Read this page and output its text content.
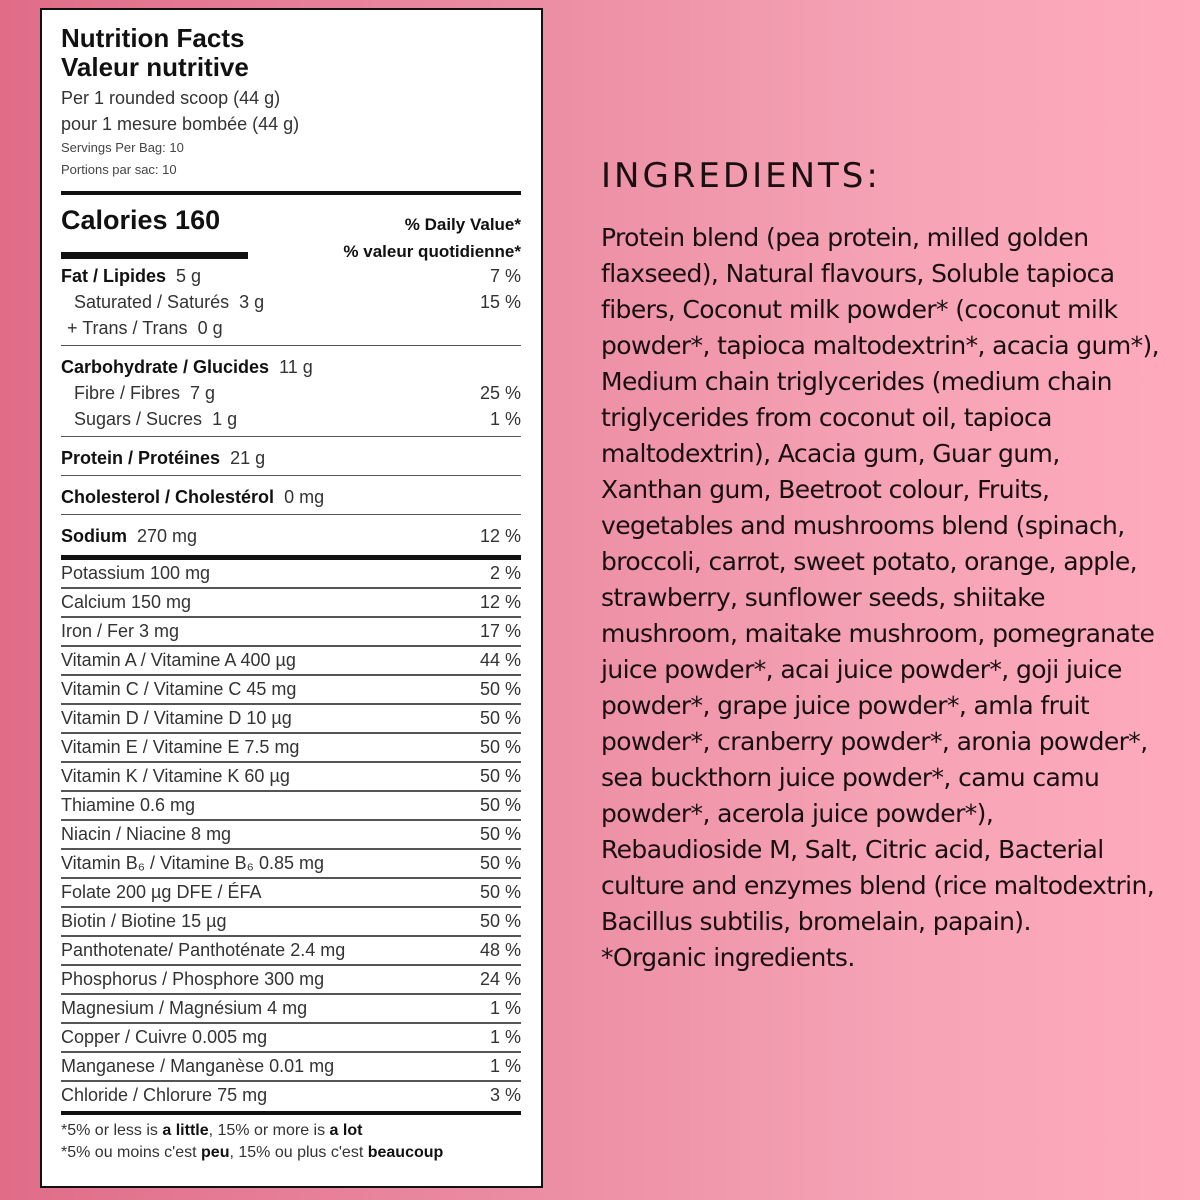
Nutrition Facts
Valeur nutritive
Per 1 rounded scoop (44 g)
pour 1 mesure bombée (44 g)
Servings Per Bag: 10
Portions par sac: 10
Calories 160	% Daily Value*
% valeur quotidienne*
Fat / Lipides 5 g	7 %
Saturated / Saturés 3 g	15 %
+ Trans / Trans 0 g
Carbohydrate / Glucides 11 g
Fibre / Fibres 7 g	25 %
Sugars / Sucres 1 g	1 %
Protein / Protéines 21 g
Cholesterol / Cholestérol 0 mg
Sodium 270 mg	12 %
Potassium 100 mg	2 %
Calcium 150 mg	12 %
Iron / Fer 3 mg	17 %
Vitamin A / Vitamine A 400 µg	44 %
Vitamin C / Vitamine C 45 mg	50 %
Vitamin D / Vitamine D 10 µg	50 %
Vitamin E / Vitamine E 7.5 mg	50 %
Vitamin K / Vitamine K 60 µg	50 %
Thiamine 0.6 mg	50 %
Niacin / Niacine 8 mg	50 %
Vitamin B₆ / Vitamine B₆ 0.85 mg	50 %
Folate 200 µg DFE / ÉFA	50 %
Biotin / Biotine 15 µg	50 %
Panthotenate/ Panthoténate 2.4 mg	48 %
Phosphorus / Phosphore 300 mg	24 %
Magnesium / Magnésium 4 mg	1 %
Copper / Cuivre 0.005 mg	1 %
Manganese / Manganèse 0.01 mg	1 %
Chloride / Chlorure 75 mg	3 %
*5% or less is a little, 15% or more is a lot
*5% ou moins c'est peu, 15% ou plus c'est beaucoup
INGREDIENTS:
Protein blend (pea protein, milled golden flaxseed), Natural flavours, Soluble tapioca fibers, Coconut milk powder* (coconut milk powder*, tapioca maltodextrin*, acacia gum*), Medium chain triglycerides (medium chain triglycerides from coconut oil, tapioca maltodextrin), Acacia gum, Guar gum, Xanthan gum, Beetroot colour, Fruits, vegetables and mushrooms blend (spinach, broccoli, carrot, sweet potato, orange, apple, strawberry, sunflower seeds, shiitake mushroom, maitake mushroom, pomegranate juice powder*, acai juice powder*, goji juice powder*, grape juice powder*, amla fruit powder*, cranberry powder*, aronia powder*, sea buckthorn juice powder*, camu camu powder*, acerola juice powder*), Rebaudioside M, Salt, Citric acid, Bacterial culture and enzymes blend (rice maltodextrin, Bacillus subtilis, bromelain, papain).
*Organic ingredients.
